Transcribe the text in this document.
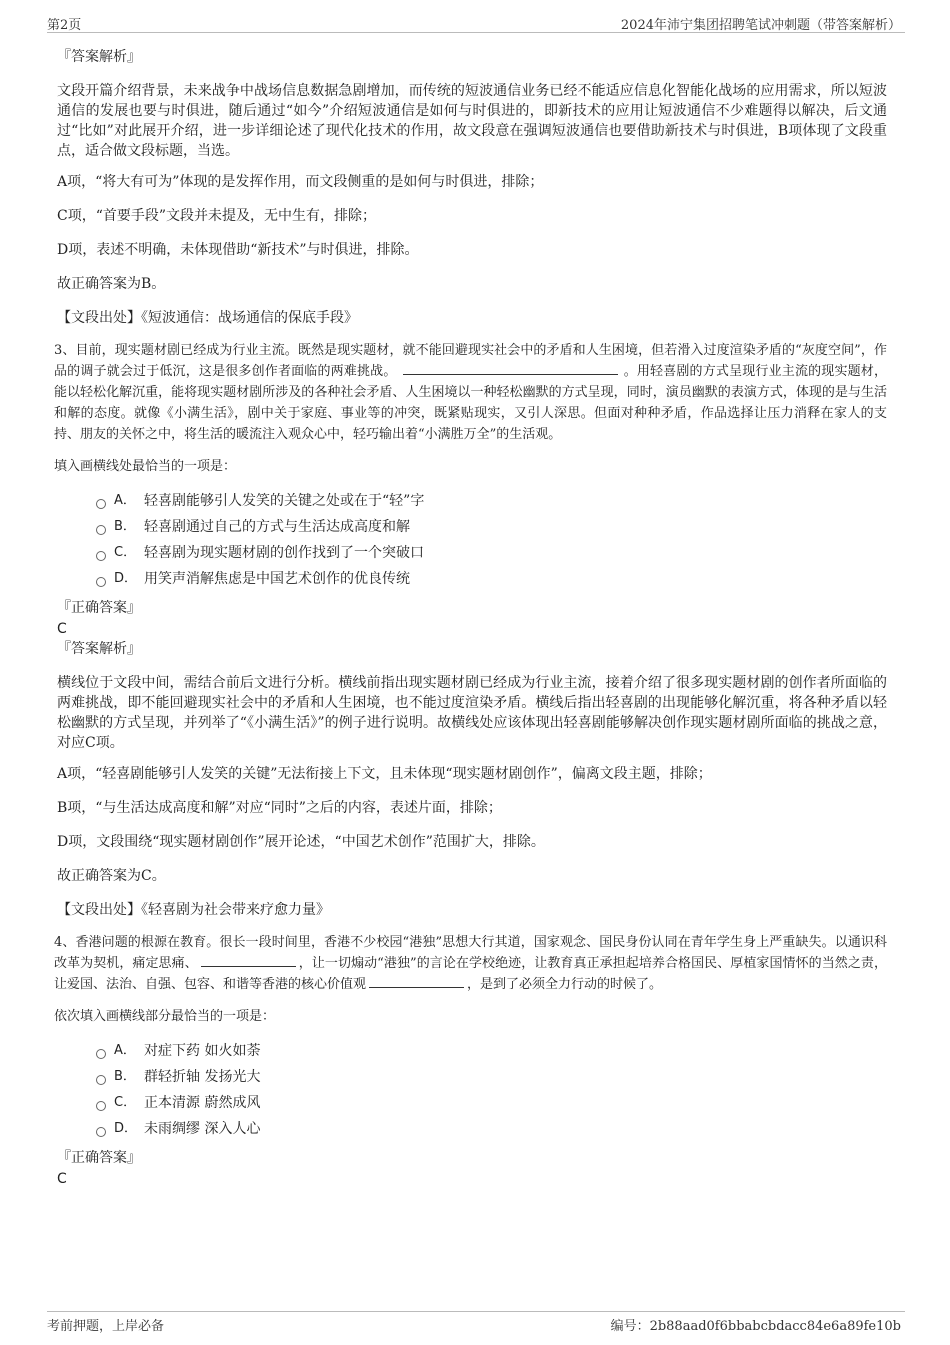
第2页	2024年沛宁集团招聘笔试冲刺题（带答案解析）

『答案解析』

文段开篇介绍背景，未来战争中战场信息数据急剧增加，而传统的短波通信业务已经不能适应信息化智能化战场的应用需求，所以短波通信的发展也要与时俱进，随后通过“如今”介绍短波通信是如何与时俱进的，即新技术的应用让短波通信不少难题得以解决，后文通过“比如”对此展开介绍，进一步详细论述了现代化技术的作用，故文段意在强调短波通信也要借助新技术与时俱进，B项体现了文段重点，适合做文段标题，当选。

A项，“将大有可为”体现的是发挥作用，而文段侧重的是如何与时俱进，排除；

C项，“首要手段”文段并未提及，无中生有，排除；

D项，表述不明确，未体现借助“新技术”与时俱进，排除。

故正确答案为B。

【文段出处】《短波通信：战场通信的保底手段》

3、目前，现实题材剧已经成为行业主流。既然是现实题材，就不能回避现实社会中的矛盾和人生困境，但若滑入过度渲染矛盾的“灰度空间”，作品的调子就会过于低沉，这是很多创作者面临的两难挑战。	。用轻喜剧的方式呈现行业主流的现实题材，能以轻松化解沉重，能将现实题材剧所涉及的各种社会矛盾、人生困境以一种轻松幽默的方式呈现，同时，演员幽默的表演方式，体现的是与生活和解的态度。就像《小满生活》，剧中关于家庭、事业等的冲突，既紧贴现实，又引人深思。但面对种种矛盾，作品选择让压力消释在家人的支持、朋友的关怀之中，将生活的暖流注入观众心中，轻巧输出着“小满胜万全”的生活观。

填入画横线处最恰当的一项是：

A． 轻喜剧能够引人发笑的关键之处或在于“轻”字
B． 轻喜剧通过自己的方式与生活达成高度和解
C． 轻喜剧为现实题材剧的创作找到了一个突破口
D． 用笑声消解焦虑是中国艺术创作的优良传统

『正确答案』

C

『答案解析』

横线位于文段中间，需结合前后文进行分析。横线前指出现实题材剧已经成为行业主流，接着介绍了很多现实题材剧的创作者所面临的两难挑战，即不能回避现实社会中的矛盾和人生困境，也不能过度渲染矛盾。横线后指出轻喜剧的出现能够化解沉重，将各种矛盾以轻松幽默的方式呈现，并列举了“《小满生活》”的例子进行说明。故横线处应该体现出轻喜剧能够解决创作现实题材剧所面临的挑战之意，对应C项。

A项，“轻喜剧能够引人发笑的关键”无法衔接上下文，且未体现“现实题材剧创作”，偏离文段主题，排除；

B项，“与生活达成高度和解”对应“同时”之后的内容，表述片面，排除；

D项，文段围绕“现实题材剧创作”展开论述，“中国艺术创作”范围扩大，排除。

故正确答案为C。

【文段出处】《轻喜剧为社会带来疗愈力量》

4、香港问题的根源在教育。很长一段时间里，香港不少校园“港独”思想大行其道，国家观念、国民身份认同在青年学生身上严重缺失。以通识科改革为契机，痛定思痛、	，让一切煽动“港独”的言论在学校绝迹，让教育真正承担起培养合格国民、厚植家国情怀的当然之责，让爱国、法治、自强、包容、和谐等香港的核心价值观	，是到了必须全力行动的时候了。

依次填入画横线部分最恰当的一项是：

A． 对症下药 如火如荼
B． 群轻折轴 发扬光大
C． 正本清源 蔚然成风
D． 未雨绸缪 深入人心

『正确答案』

C

考前押题，上岸必备	编号：2b88aad0f6bbabcbdacc84e6a89fe10b
